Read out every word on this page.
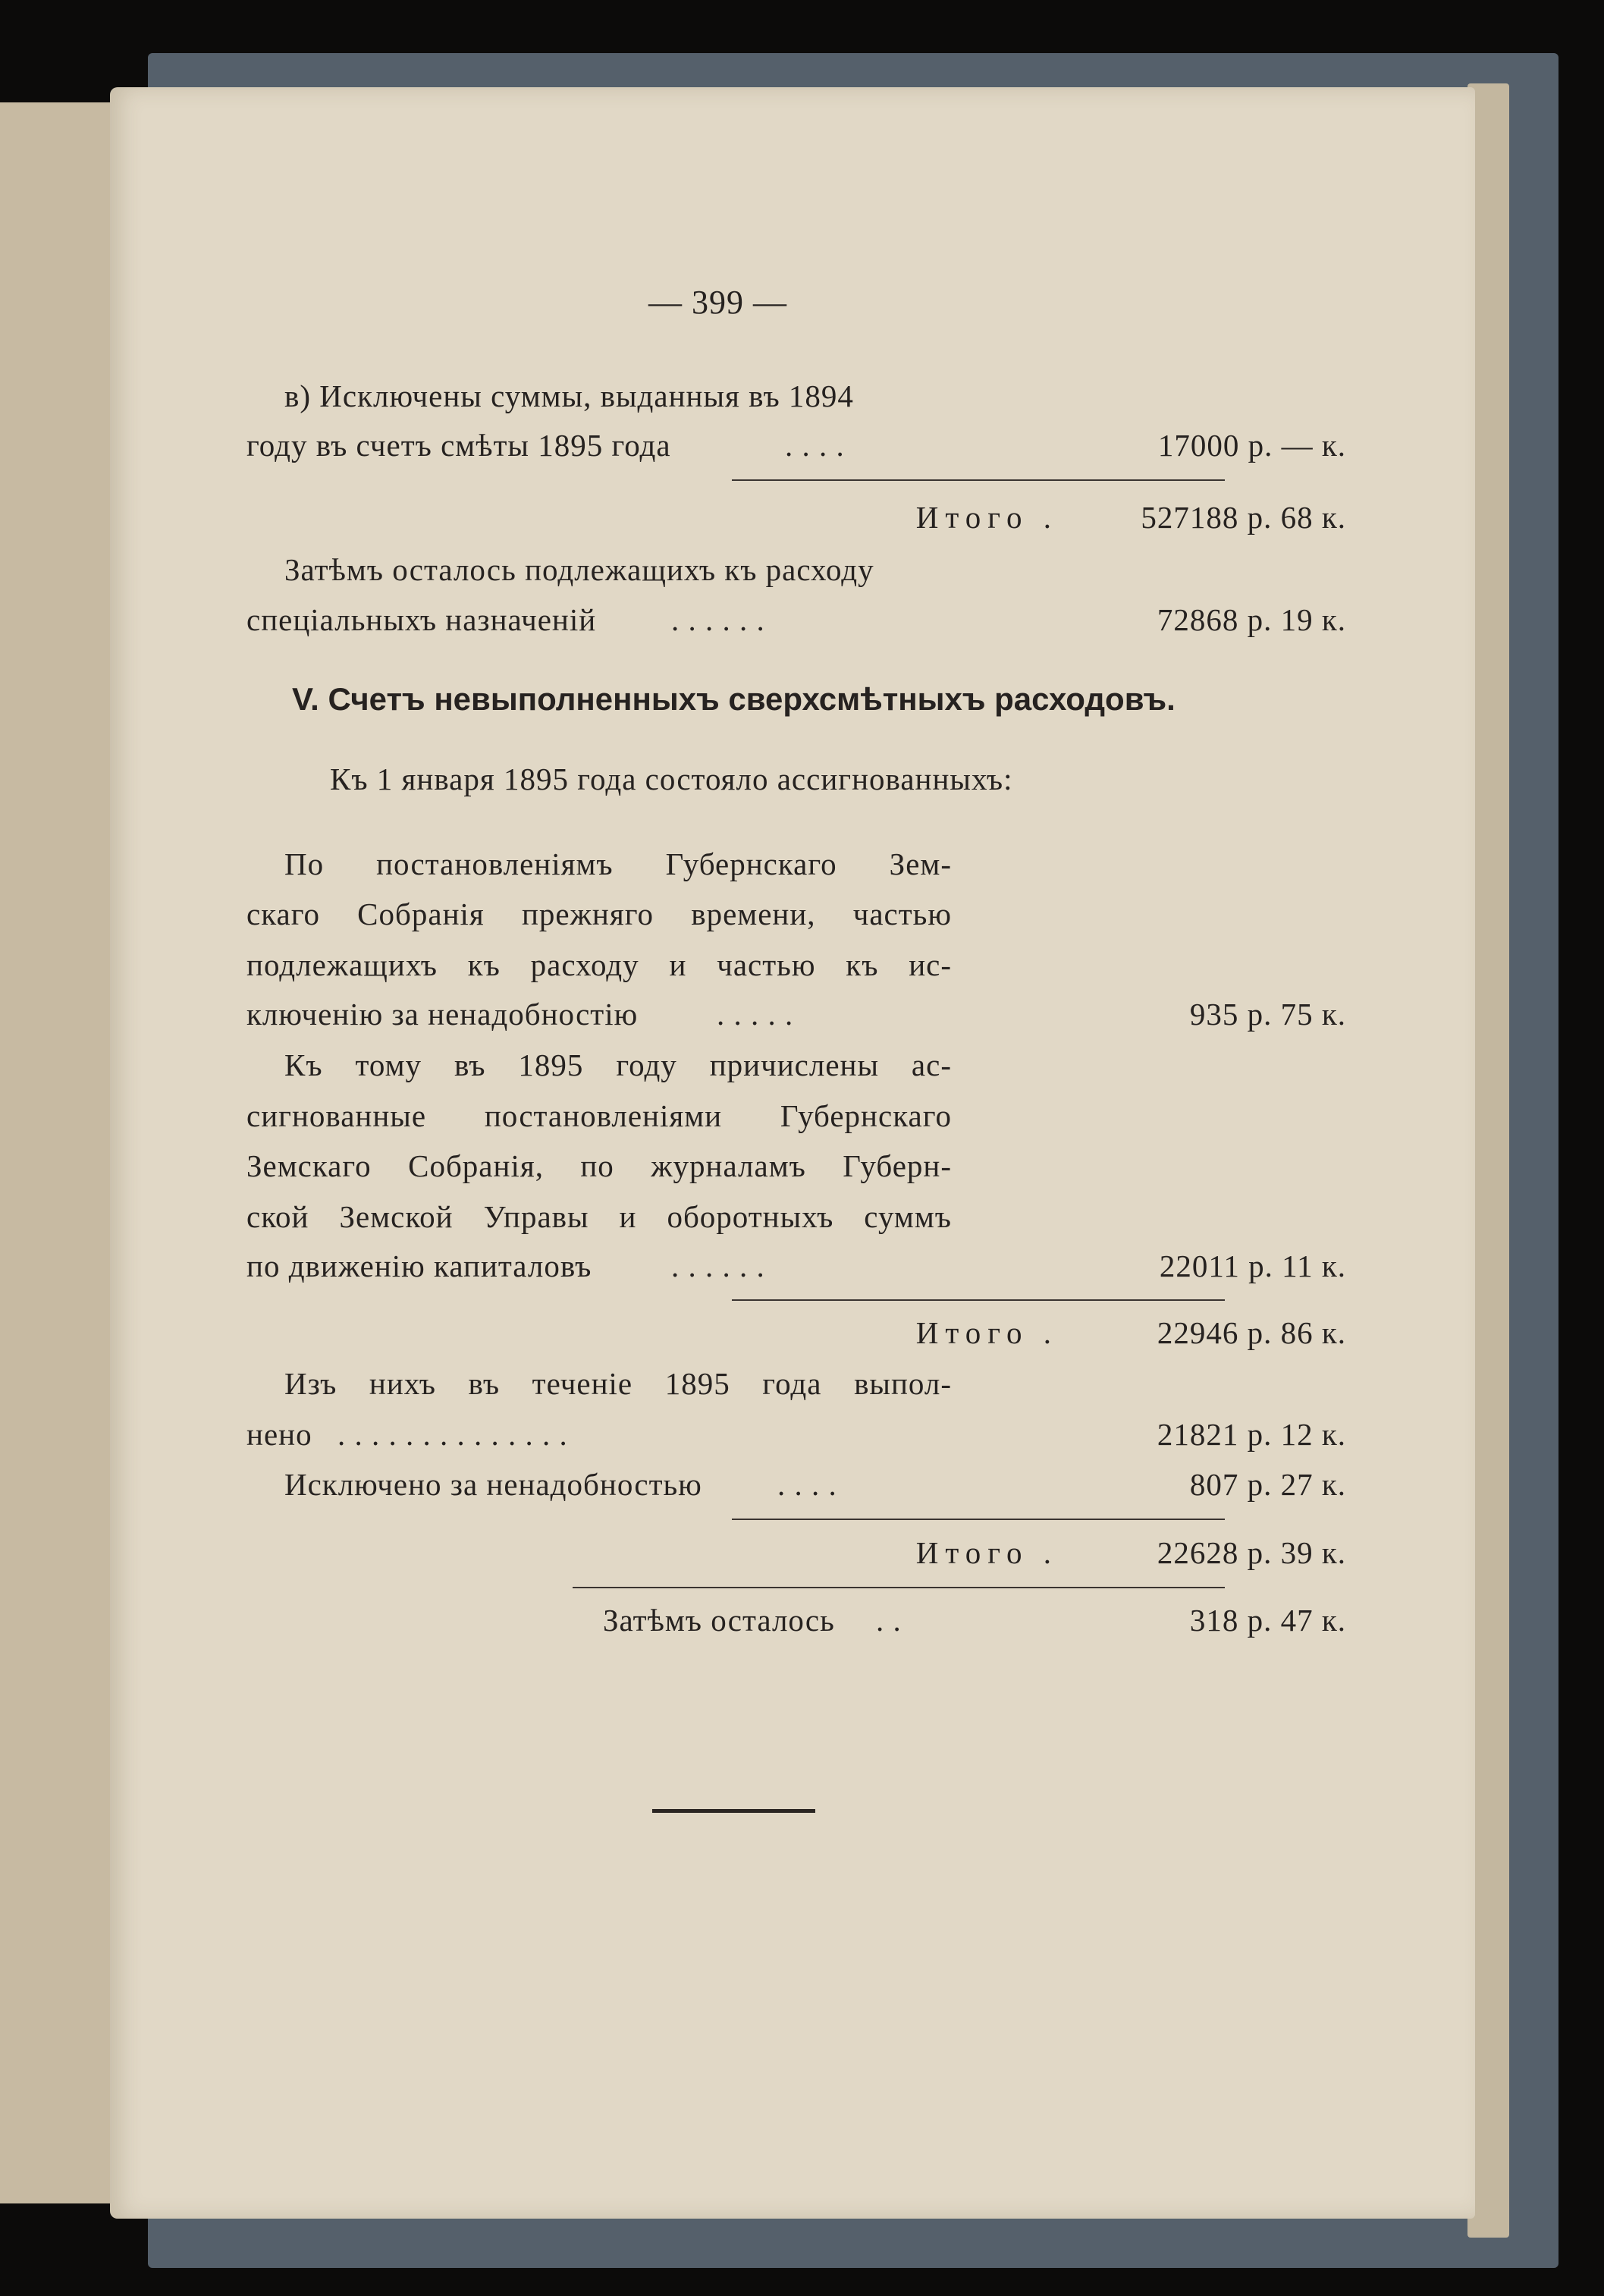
— 399 —
в) Исключены суммы, выданныя въ 1894
году въ счетъ смѣты 1895 года	. . . .	17000 р. — к.
Итого .	527188 р. 68 к.
Затѣмъ осталось подлежащихъ къ расходу
спеціальныхъ назначеній . . . . . .	72868 р. 19 к.
V. Счетъ невыполненныхъ сверхсмѣтныхъ расходовъ.
Къ 1 января 1895 года состояло ассигнованныхъ:
По постановленіямъ Губернскаго Зем-
скаго Собранія прежняго времени, частью
подлежащихъ къ расходу и частью къ ис-
ключенію за ненадобностію	. . . . .	935 р. 75 к.
Къ тому въ 1895 году причислены ас-
сигнованные постановленіями Губернскаго
Земскаго Собранія, по журналамъ Губерн-
ской Земской Управы и оборотныхъ суммъ
по движенію капиталовъ	. . . . . .	22011 р. 11 к.
Итого .	22946 р. 86 к.
Изъ нихъ въ теченіе 1895 года выпол-
нено . . . . . . . . . . . . . .	21821 р. 12 к.
Исключено за ненадобностью . . . .	807 р. 27 к.
Итого .	22628 р. 39 к.
Затѣмъ осталось . .	318 р. 47 к.
